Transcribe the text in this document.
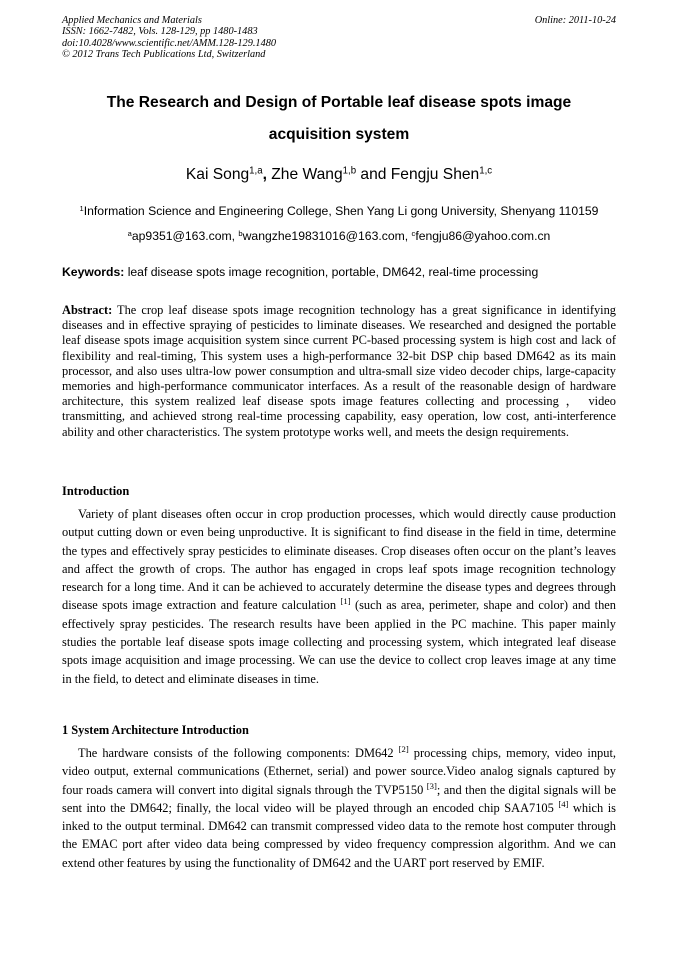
Applied Mechanics and Materials
ISSN: 1662-7482, Vols. 128-129, pp 1480-1483
doi:10.4028/www.scientific.net/AMM.128-129.1480
© 2012 Trans Tech Publications Ltd, Switzerland
Online: 2011-10-24
The Research and Design of Portable leaf disease spots image
acquisition system
Kai Song$^{1,a}$, Zhe Wang$^{1,b}$ and Fengju Shen$^{1,c}$
$^1$Information Science and Engineering College, Shen Yang Li gong University, Shenyang 110159
$^a$ap9351@163.com, $^b$wangzhe19831016@163.com, $^c$fengju86@yahoo.com.cn
Keywords: leaf disease spots image recognition, portable, DM642, real-time processing
Abstract: The crop leaf disease spots image recognition technology has a great significance in identifying diseases and in effective spraying of pesticides to liminate diseases. We researched and designed the portable leaf disease spots image acquisition system since current PC-based processing system is high cost and lack of flexibility and real-timing, This system uses a high-performance 32-bit DSP chip based DM642 as its main processor, and also uses ultra-low power consumption and ultra-small size video decoder chips, large-capacity memories and high-performance communicator interfaces. As a result of the reasonable design of hardware architecture, this system realized leaf disease spots image features collecting and processing ， video transmitting, and achieved strong real-time processing capability, easy operation, low cost, anti-interference ability and other characteristics. The system prototype works well, and meets the design requirements.
Introduction
Variety of plant diseases often occur in crop production processes, which would directly cause production output cutting down or even being unproductive. It is significant to find disease in the field in time, determine the types and effectively spray pesticides to eliminate diseases. Crop diseases often occur on the plant’s leaves and affect the growth of crops. The author has engaged in crops leaf spots image recognition technology research for a long time. And it can be achieved to accurately determine the disease types and degrees through disease spots image extraction and feature calculation [1] (such as area, perimeter, shape and color) and then effectively spray pesticides. The research results have been applied in the PC machine. This paper mainly studies the portable leaf disease spots image collecting and processing system, which integrated leaf disease spots image acquisition and image processing. We can use the device to collect crop leaves image at any time in the field, to detect and eliminate diseases in time.
1 System Architecture Introduction
The hardware consists of the following components: DM642 [2] processing chips, memory, video input, video output, external communications (Ethernet, serial) and power source.Video analog signals captured by four roads camera will convert into digital signals through the TVP5150 [3]; and then the digital signals will be sent into the DM642; finally, the local video will be played through an encoded chip SAA7105 [4] which is inked to the output terminal. DM642 can transmit compressed video data to the remote host computer through the EMAC port after video data being compressed by video frequency compression algorithm. And we can extend other features by using the functionality of DM642 and the UART port reserved by EMIF.
